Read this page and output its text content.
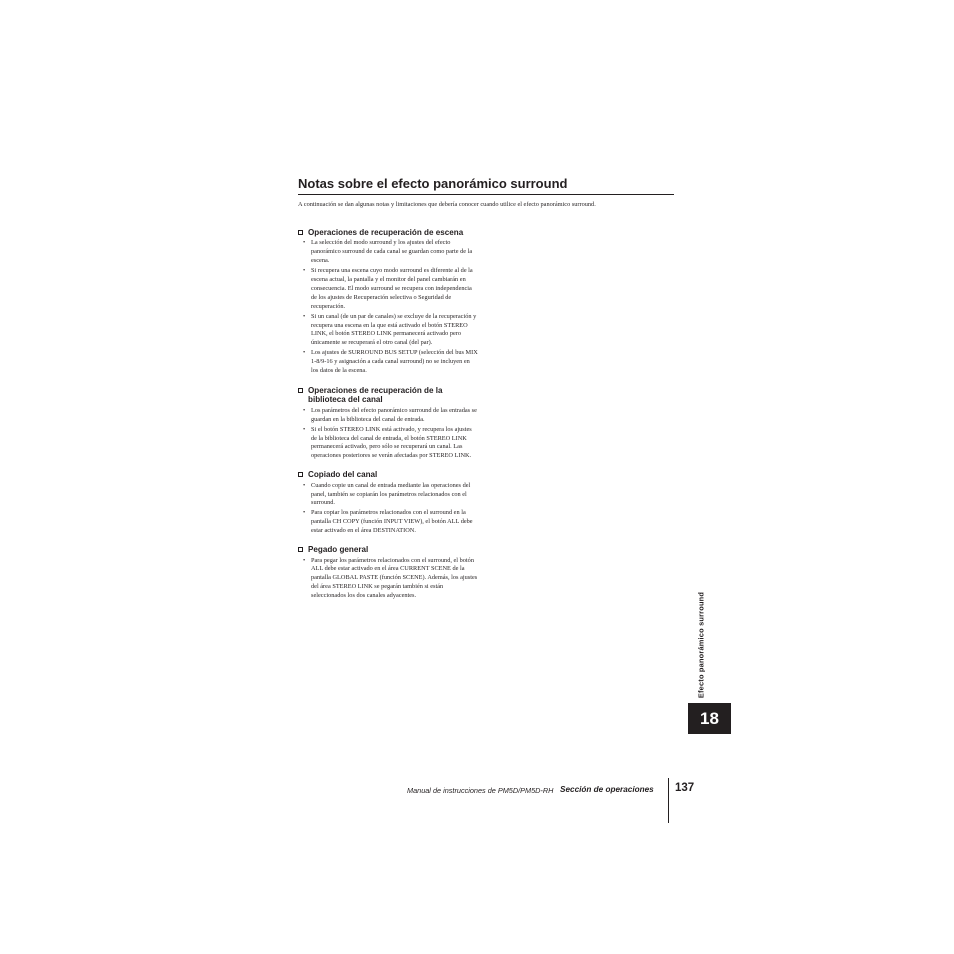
Notas sobre el efecto panorámico surround

A continuación se dan algunas notas y limitaciones que debería conocer cuando utilice el efecto panorámico surround.

Operaciones de recuperación de escena
• La selección del modo surround y los ajustes del efecto panorámico surround de cada canal se guardan como parte de la escena.
• Si recupera una escena cuyo modo surround es diferente al de la escena actual, la pantalla y el monitor del panel cambiarán en consecuencia. El modo surround se recupera con independencia de los ajustes de Recuperación selectiva o Seguridad de recuperación.
• Si un canal (de un par de canales) se excluye de la recuperación y recupera una escena en la que está activado el botón STEREO LINK, el botón STEREO LINK permanecerá activado pero únicamente se recuperará el otro canal (del par).
• Los ajustes de SURROUND BUS SETUP (selección del bus MIX 1-8/9-16 y asignación a cada canal surround) no se incluyen en los datos de la escena.
Operaciones de recuperación de la biblioteca del canal
• Los parámetros del efecto panorámico surround de las entradas se guardan en la biblioteca del canal de entrada.
• Si el botón STEREO LINK está activado, y recupera los ajustes de la biblioteca del canal de entrada, el botón STEREO LINK permanecerá activado, pero sólo se recuperará un canal. Las operaciones posteriores se verán afectadas por STEREO LINK.
Copiado del canal
• Cuando copie un canal de entrada mediante las operaciones del panel, también se copiarán los parámetros relacionados con el surround.
• Para copiar los parámetros relacionados con el surround en la pantalla CH COPY (función INPUT VIEW), el botón ALL debe estar activado en el área DESTINATION.
Pegado general
• Para pegar los parámetros relacionados con el surround, el botón ALL debe estar activado en el área CURRENT SCENE de la pantalla GLOBAL PASTE (función SCENE). Además, los ajustes del área STEREO LINK se pegarán también si están seleccionados los dos canales adyacentes.	Efecto panorámico surround
18
Manual de instrucciones de PM5D/PM5D-RH Sección de operaciones 137
